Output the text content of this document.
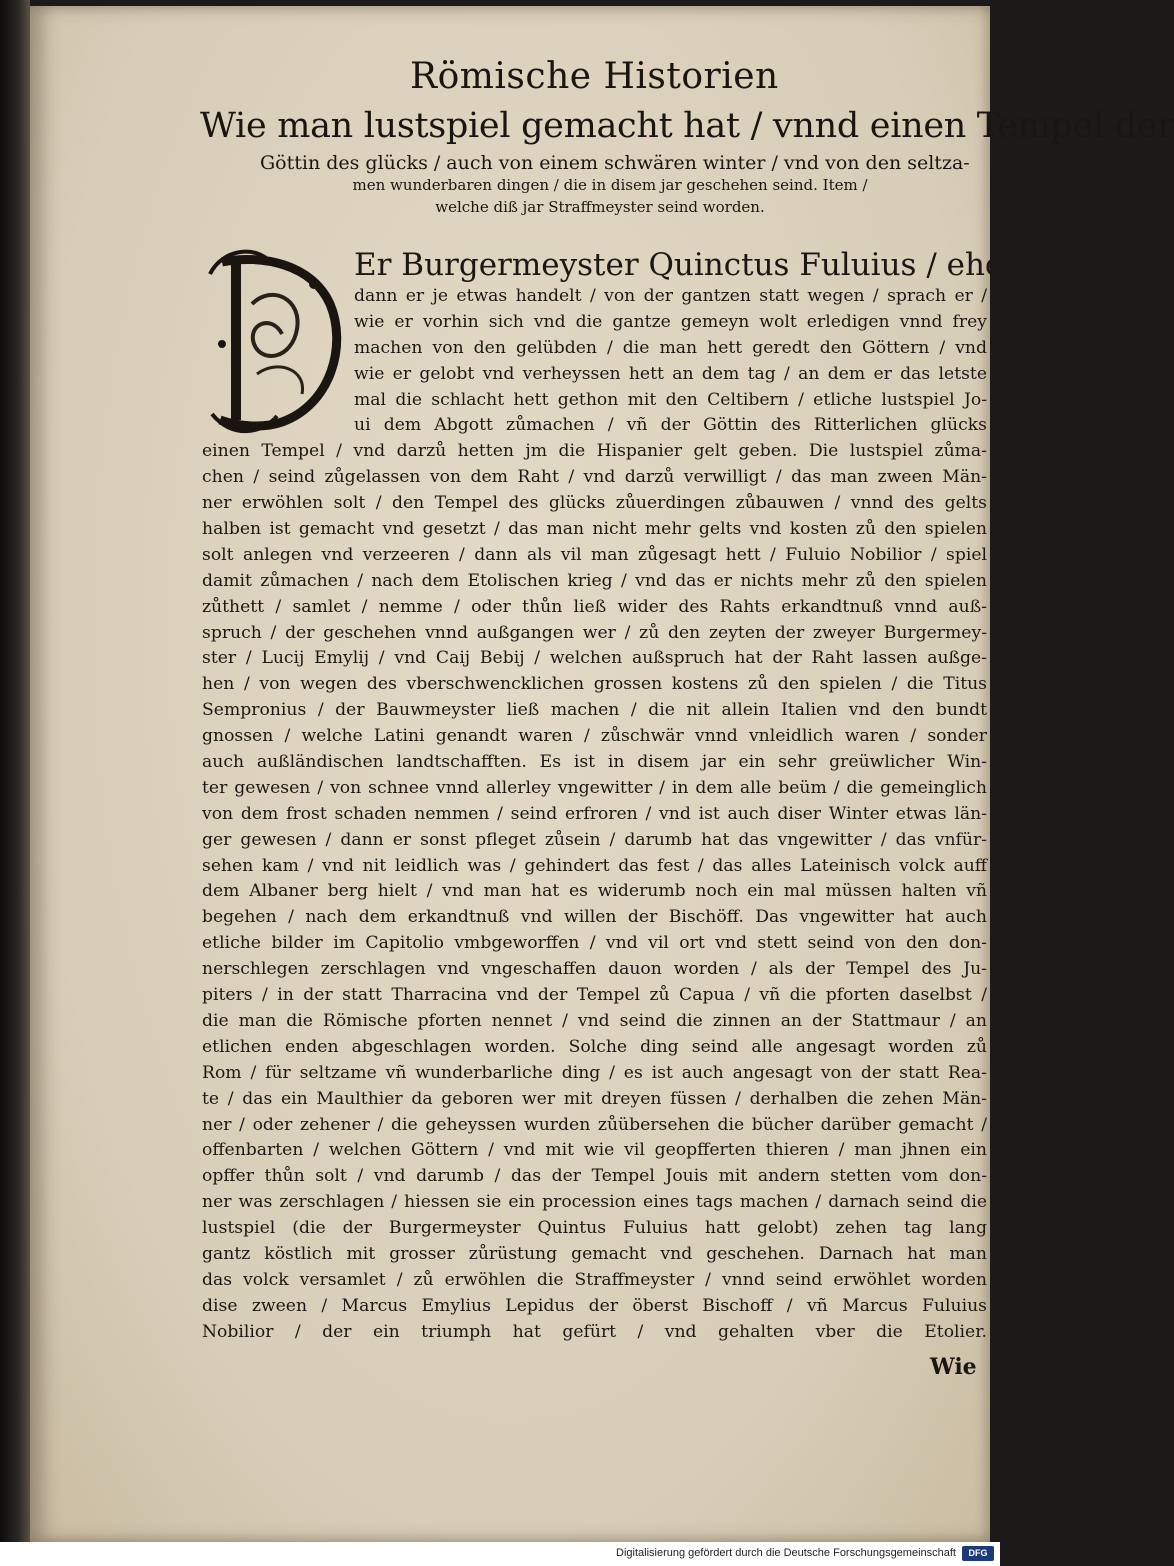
Römische Historien
Wie man lustspiel gemacht hat / vnnd einen Tempel der
Göttin des glücks / auch von einem schwären winter / vnd von den seltza-
men wunderbaren dingen / die in disem jar geschehen seind. Item /
welche diß jar Straffmeyster seind worden.
D
Er Burgermeyster Quinctus Fuluius / ehe
dann er je etwas handelt / von der gantzen statt wegen / sprach er /
wie er vorhin sich vnd die gantze gemeyn wolt erledigen vnnd frey
machen von den gelübden / die man hett geredt den Göttern / vnd
wie er gelobt vnd verheyssen hett an dem tag / an dem er das letste
mal die schlacht hett gethon mit den Celtibern / etliche lustspiel Jo-
ui dem Abgott zůmachen / vñ der Göttin des Ritterlichen glücks
einen Tempel / vnd darzů hetten jm die Hispanier gelt geben. Die lustspiel zůma-
chen / seind zůgelassen von dem Raht / vnd darzů verwilligt / das man zween Män-
ner erwöhlen solt / den Tempel des glücks zůuerdingen zůbauwen / vnnd des gelts
halben ist gemacht vnd gesetzt / das man nicht mehr gelts vnd kosten zů den spielen
solt anlegen vnd verzeeren / dann als vil man zůgesagt hett / Fuluio Nobilior / spiel
damit zůmachen / nach dem Etolischen krieg / vnd das er nichts mehr zů den spielen
zůthett / samlet / nemme / oder thůn ließ wider des Rahts erkandtnuß vnnd auß-
spruch / der geschehen vnnd außgangen wer / zů den zeyten der zweyer Burgermey-
ster / Lucij Emylij / vnd Caij Bebij / welchen außspruch hat der Raht lassen außge-
hen / von wegen des vberschwencklichen grossen kostens zů den spielen / die Titus
Sempronius / der Bauwmeyster ließ machen / die nit allein Italien vnd den bundt
gnossen / welche Latini genandt waren / zůschwär vnnd vnleidlich waren / sonder
auch außländischen landtschafften. Es ist in disem jar ein sehr greüwlicher Win-
ter gewesen / von schnee vnnd allerley vngewitter / in dem alle beüm / die gemeinglich
von dem frost schaden nemmen / seind erfroren / vnd ist auch diser Winter etwas län-
ger gewesen / dann er sonst pfleget zůsein / darumb hat das vngewitter / das vnfür-
sehen kam / vnd nit leidlich was / gehindert das fest / das alles Lateinisch volck auff
dem Albaner berg hielt / vnd man hat es widerumb noch ein mal müssen halten vñ
begehen / nach dem erkandtnuß vnd willen der Bischöff. Das vngewitter hat auch
etliche bilder im Capitolio vmbgeworffen / vnd vil ort vnd stett seind von den don-
nerschlegen zerschlagen vnd vngeschaffen dauon worden / als der Tempel des Ju-
piters / in der statt Tharracina vnd der Tempel zů Capua / vñ die pforten daselbst /
die man die Römische pforten nennet / vnd seind die zinnen an der Stattmaur / an
etlichen enden abgeschlagen worden. Solche ding seind alle angesagt worden zů
Rom / für seltzame vñ wunderbarliche ding / es ist auch angesagt von der statt Rea-
te / das ein Maulthier da geboren wer mit dreyen füssen / derhalben die zehen Män-
ner / oder zehener / die geheyssen wurden zůübersehen die bücher darüber gemacht /
offenbarten / welchen Göttern / vnd mit wie vil geopfferten thieren / man jhnen ein
opffer thůn solt / vnd darumb / das der Tempel Jouis mit andern stetten vom don-
ner was zerschlagen / hiessen sie ein procession eines tags machen / darnach seind die
lustspiel (die der Burgermeyster Quintus Fuluius hatt gelobt) zehen tag lang
gantz köstlich mit grosser zůrüstung gemacht vnd geschehen. Darnach hat man
das volck versamlet / zů erwöhlen die Straffmeyster / vnnd seind erwöhlet worden
dise zween / Marcus Emylius Lepidus der öberst Bischoff / vñ Marcus Fuluius
Nobilior / der ein triumph hat gefürt / vnd gehalten vber die Etolier.
Wie
Digitalisierung gefördert durch die Deutsche Forschungsgemeinschaft	DFG
